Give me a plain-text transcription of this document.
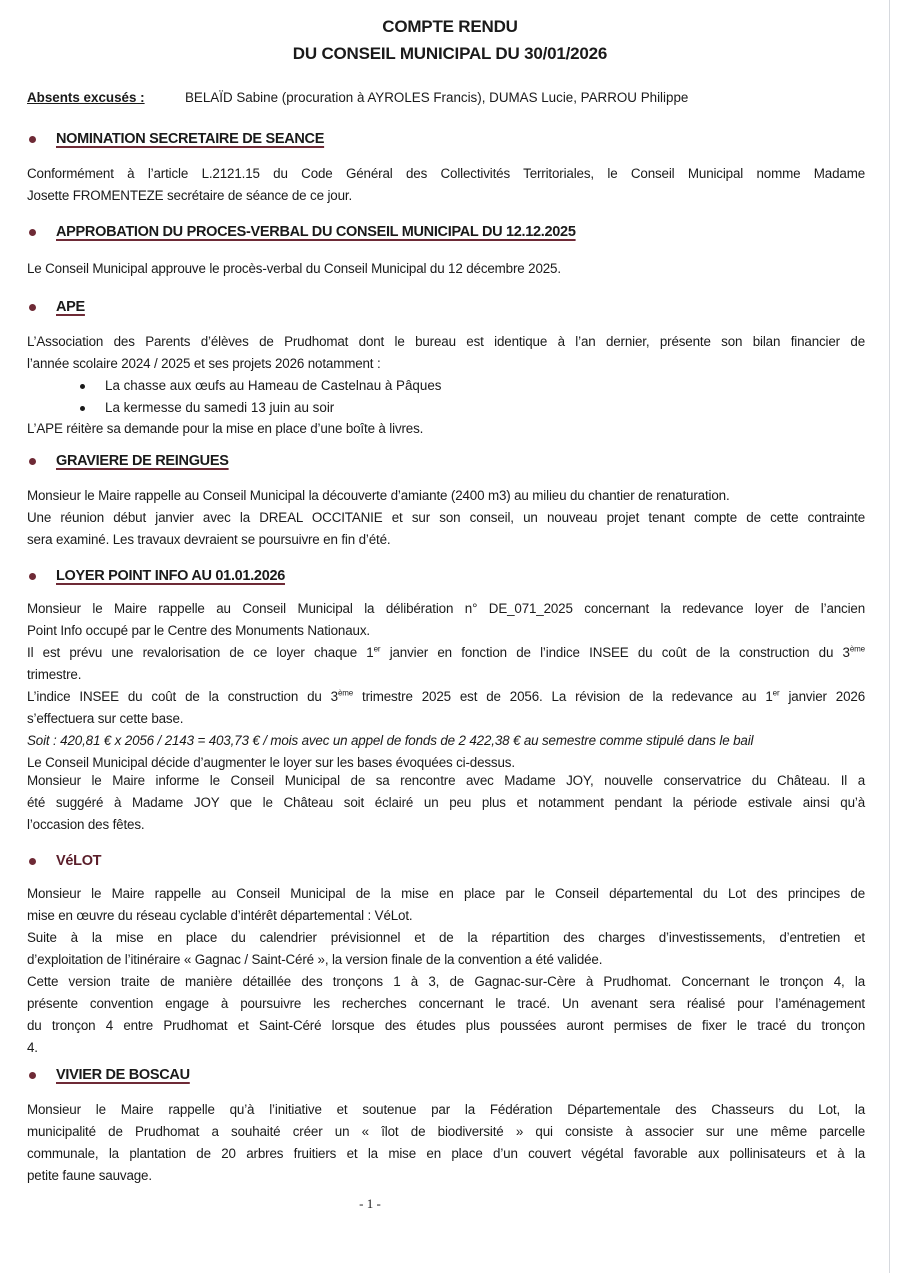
COMPTE RENDU
DU CONSEIL MUNICIPAL DU 30/01/2026
Absents excusés :	BELAÏD Sabine (procuration à AYROLES Francis), DUMAS Lucie, PARROU Philippe
NOMINATION SECRETAIRE DE SEANCE
Conformément à l’article L.2121.15 du Code Général des Collectivités Territoriales, le Conseil Municipal nomme Madame
Josette FROMENTEZE secrétaire de séance de ce jour.
APPROBATION DU PROCES-VERBAL DU CONSEIL MUNICIPAL DU 12.12.2025
Le Conseil Municipal approuve le procès-verbal du Conseil Municipal du 12 décembre 2025.
APE
L’Association des Parents d’élèves de Prudhomat dont le bureau est identique à l’an dernier, présente son bilan financier de
l’année scolaire 2024 / 2025 et ses projets 2026 notamment :
La chasse aux œufs au Hameau de Castelnau à Pâques
La kermesse du samedi 13 juin au soir
L’APE réitère sa demande pour la mise en place d’une boîte à livres.
GRAVIERE DE REINGUES
Monsieur le Maire rappelle au Conseil Municipal la découverte d’amiante (2400 m3) au milieu du chantier de renaturation.
Une réunion début janvier avec la DREAL OCCITANIE et sur son conseil, un nouveau projet tenant compte de cette contrainte
sera examiné. Les travaux devraient se poursuivre en fin d’été.
LOYER POINT INFO AU 01.01.2026
Monsieur le Maire rappelle au Conseil Municipal la délibération n° DE_071_2025 concernant la redevance loyer de l’ancien
Point Info occupé par le Centre des Monuments Nationaux.
Il est prévu une revalorisation de ce loyer chaque 1er janvier en fonction de l’indice INSEE du coût de la construction du 3ème
trimestre.
L’indice INSEE du coût de la construction du 3ème trimestre 2025 est de 2056. La révision de la redevance au 1er janvier 2026
s’effectuera sur cette base.
Soit : 420,81 € x 2056 / 2143 = 403,73 € / mois avec un appel de fonds de 2 422,38 € au semestre comme stipulé dans le bail
Le Conseil Municipal décide d’augmenter le loyer sur les bases évoquées ci-dessus.
Monsieur le Maire informe le Conseil Municipal de sa rencontre avec Madame JOY, nouvelle conservatrice du Château. Il a
été suggéré à Madame JOY que le Château soit éclairé un peu plus et notamment pendant la période estivale ainsi qu’à
l’occasion des fêtes.
VéLOT
Monsieur le Maire rappelle au Conseil Municipal de la mise en place par le Conseil départemental du Lot des principes de
mise en œuvre du réseau cyclable d’intérêt départemental : VéLot.
Suite à la mise en place du calendrier prévisionnel et de la répartition des charges d’investissements, d’entretien et
d’exploitation de l’itinéraire « Gagnac / Saint-Céré », la version finale de la convention a été validée.
Cette version traite de manière détaillée des tronçons 1 à 3, de Gagnac-sur-Cère à Prudhomat. Concernant le tronçon 4, la
présente convention engage à poursuivre les recherches concernant le tracé. Un avenant sera réalisé pour l’aménagement
du tronçon 4 entre Prudhomat et Saint-Céré lorsque des études plus poussées auront permises de fixer le tracé du tronçon
4.
VIVIER DE BOSCAU
Monsieur le Maire rappelle qu’à l’initiative et soutenue par la Fédération Départementale des Chasseurs du Lot, la
municipalité de Prudhomat a souhaité créer un « îlot de biodiversité » qui consiste à associer sur une même parcelle
communale, la plantation de 20 arbres fruitiers et la mise en place d’un couvert végétal favorable aux pollinisateurs et à la
petite faune sauvage.
- 1 -
